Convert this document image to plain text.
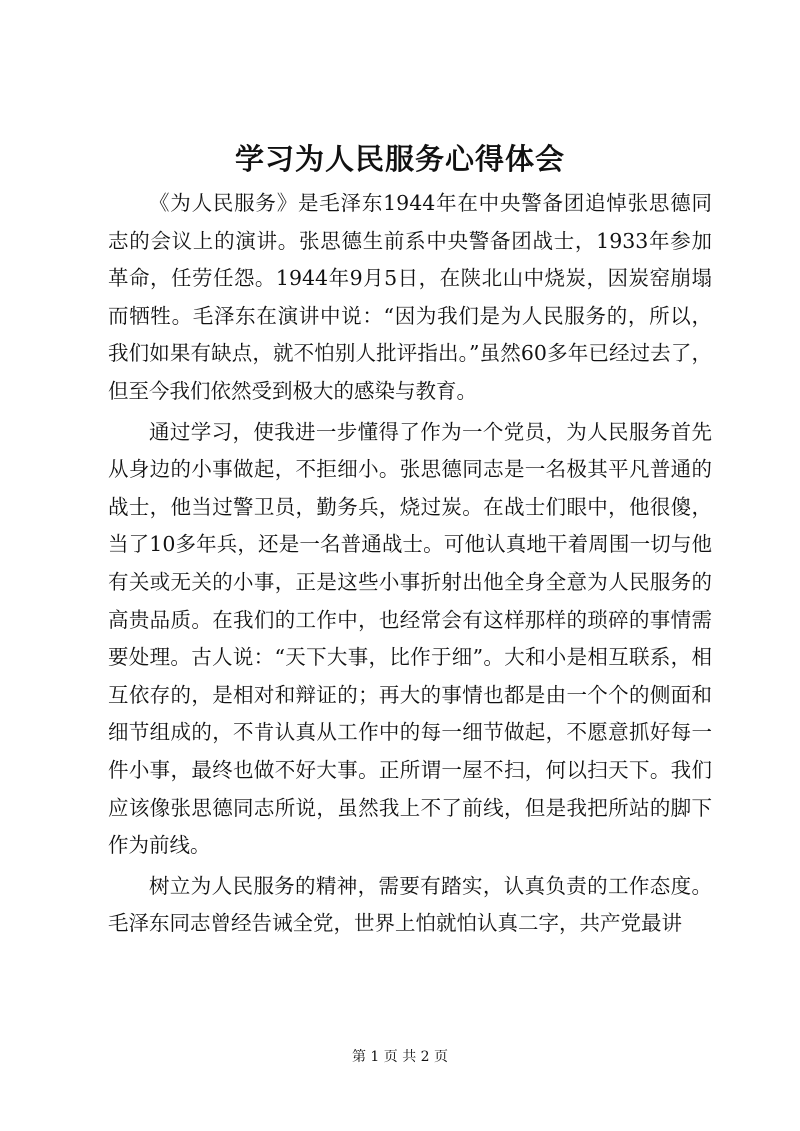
学习为人民服务心得体会

《为人民服务》是毛泽东1944年在中央警备团追悼张思德同志的会议上的演讲。张思德生前系中央警备团战士，1933年参加革命，任劳任怨。1944年9月5日，在陕北山中烧炭，因炭窑崩塌而牺牲。毛泽东在演讲中说：“因为我们是为人民服务的，所以，我们如果有缺点，就不怕别人批评指出。”虽然60多年已经过去了，但至今我们依然受到极大的感染与教育。

通过学习，使我进一步懂得了作为一个党员，为人民服务首先从身边的小事做起，不拒细小。张思德同志是一名极其平凡普通的战士，他当过警卫员，勤务兵，烧过炭。在战士们眼中，他很傻，当了10多年兵，还是一名普通战士。可他认真地干着周围一切与他有关或无关的小事，正是这些小事折射出他全身全意为人民服务的高贵品质。在我们的工作中，也经常会有这样那样的琐碎的事情需要处理。古人说：“天下大事，比作于细”。大和小是相互联系，相互依存的，是相对和辩证的；再大的事情也都是由一个个的侧面和细节组成的，不肯认真从工作中的每一细节做起，不愿意抓好每一件小事，最终也做不好大事。正所谓一屋不扫，何以扫天下。我们应该像张思德同志所说，虽然我上不了前线，但是我把所站的脚下作为前线。

树立为人民服务的精神，需要有踏实，认真负责的工作态度。毛泽东同志曾经告诫全党，世界上怕就怕认真二字，共产党最讲

第 1 页 共 2 页
